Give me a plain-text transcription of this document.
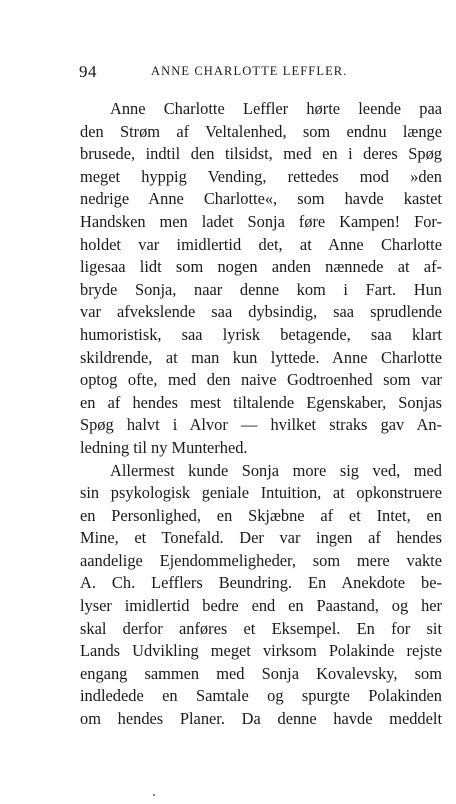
94	ANNE CHARLOTTE LEFFLER.
Anne Charlotte Leffler hørte leende paa
den Strøm af Veltalenhed, som endnu længe
brusede, indtil den tilsidst, med en i deres Spøg
meget hyppig Vending, rettedes mod »den
nedrige Anne Charlotte«, som havde kastet
Handsken men ladet Sonja føre Kampen! For-
holdet var imidlertid det, at Anne Charlotte
ligesaa lidt som nogen anden nænnede at af-
bryde Sonja, naar denne kom i Fart. Hun
var afvekslende saa dybsindig, saa sprudlende
humoristisk, saa lyrisk betagende, saa klart
skildrende, at man kun lyttede. Anne Charlotte
optog ofte, med den naive Godtroenhed som var
en af hendes mest tiltalende Egenskaber, Sonjas
Spøg halvt i Alvor — hvilket straks gav An-
ledning til ny Munterhed.
Allermest kunde Sonja more sig ved, med
sin psykologisk geniale Intuition, at opkonstruere
en Personlighed, en Skjæbne af et Intet, en
Mine, et Tonefald. Der var ingen af hendes
aandelige Ejendommeligheder, som mere vakte
A. Ch. Lefflers Beundring. En Anekdote be-
lyser imidlertid bedre end en Paastand, og her
skal derfor anføres et Eksempel. En for sit
Lands Udvikling meget virksom Polakinde rejste
engang sammen med Sonja Kovalevsky, som
indledede en Samtale og spurgte Polakinden
om hendes Planer. Da denne havde meddelt
